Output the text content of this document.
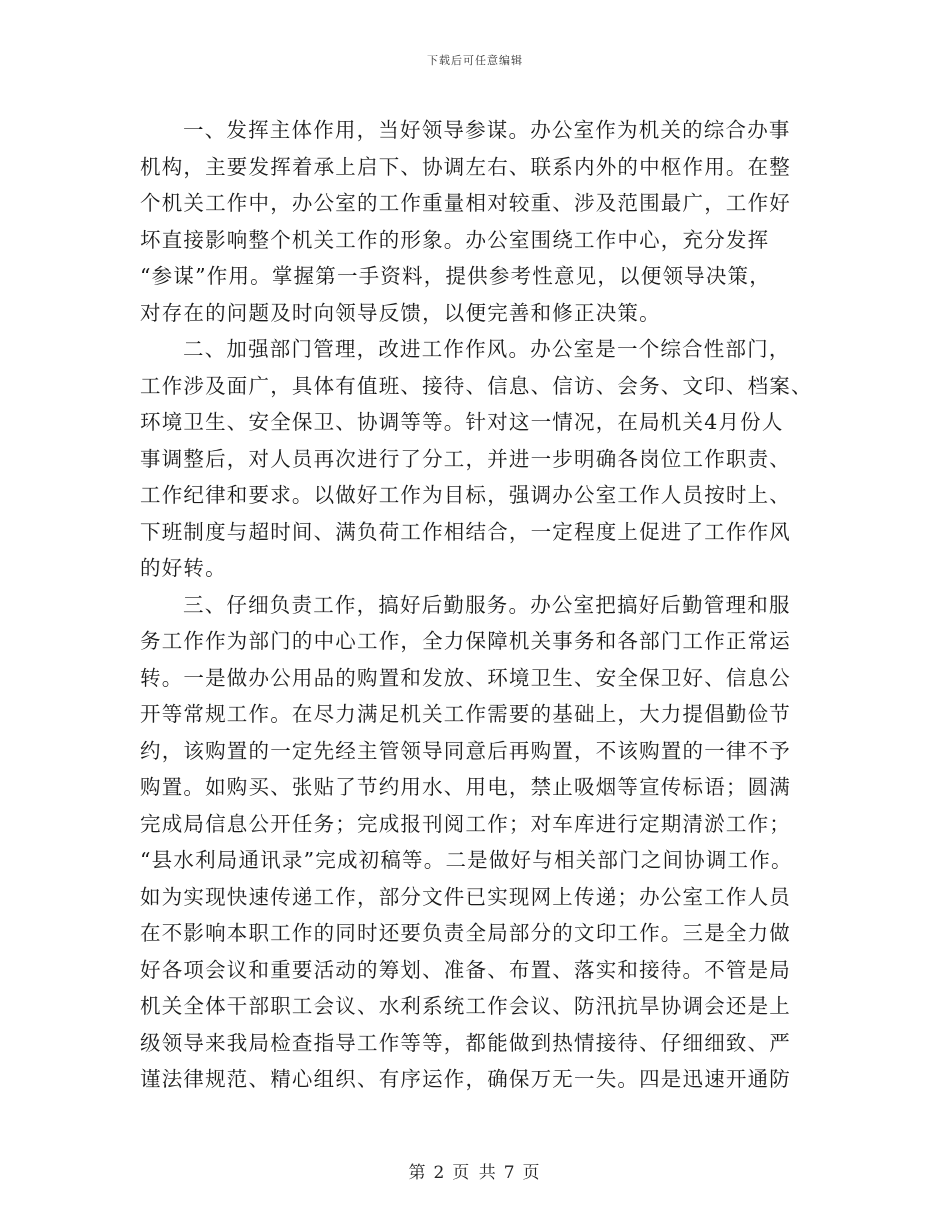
下载后可任意编辑
一、发挥主体作用，当好领导参谋。办公室作为机关的综合办事
机构，主要发挥着承上启下、协调左右、联系内外的中枢作用。在整
个机关工作中，办公室的工作重量相对较重、涉及范围最广，工作好
坏直接影响整个机关工作的形象。办公室围绕工作中心，充分发挥
“参谋”作用。掌握第一手资料，提供参考性意见，以便领导决策，
对存在的问题及时向领导反馈，以便完善和修正决策。
二、加强部门管理，改进工作作风。办公室是一个综合性部门，
工作涉及面广，具体有值班、接待、信息、信访、会务、文印、档案、
环境卫生、安全保卫、协调等等。针对这一情况，在局机关4月份人
事调整后，对人员再次进行了分工，并进一步明确各岗位工作职责、
工作纪律和要求。以做好工作为目标，强调办公室工作人员按时上、
下班制度与超时间、满负荷工作相结合，一定程度上促进了工作作风
的好转。
三、仔细负责工作，搞好后勤服务。办公室把搞好后勤管理和服
务工作作为部门的中心工作，全力保障机关事务和各部门工作正常运
转。一是做办公用品的购置和发放、环境卫生、安全保卫好、信息公
开等常规工作。在尽力满足机关工作需要的基础上，大力提倡勤俭节
约，该购置的一定先经主管领导同意后再购置，不该购置的一律不予
购置。如购买、张贴了节约用水、用电，禁止吸烟等宣传标语；圆满
完成局信息公开任务；完成报刊阅工作；对车库进行定期清淤工作；
“县水利局通讯录”完成初稿等。二是做好与相关部门之间协调工作。
如为实现快速传递工作，部分文件已实现网上传递；办公室工作人员
在不影响本职工作的同时还要负责全局部分的文印工作。三是全力做
好各项会议和重要活动的筹划、准备、布置、落实和接待。不管是局
机关全体干部职工会议、水利系统工作会议、防汛抗旱协调会还是上
级领导来我局检查指导工作等等，都能做到热情接待、仔细细致、严
谨法律规范、精心组织、有序运作，确保万无一失。四是迅速开通防
第 2 页 共 7 页
